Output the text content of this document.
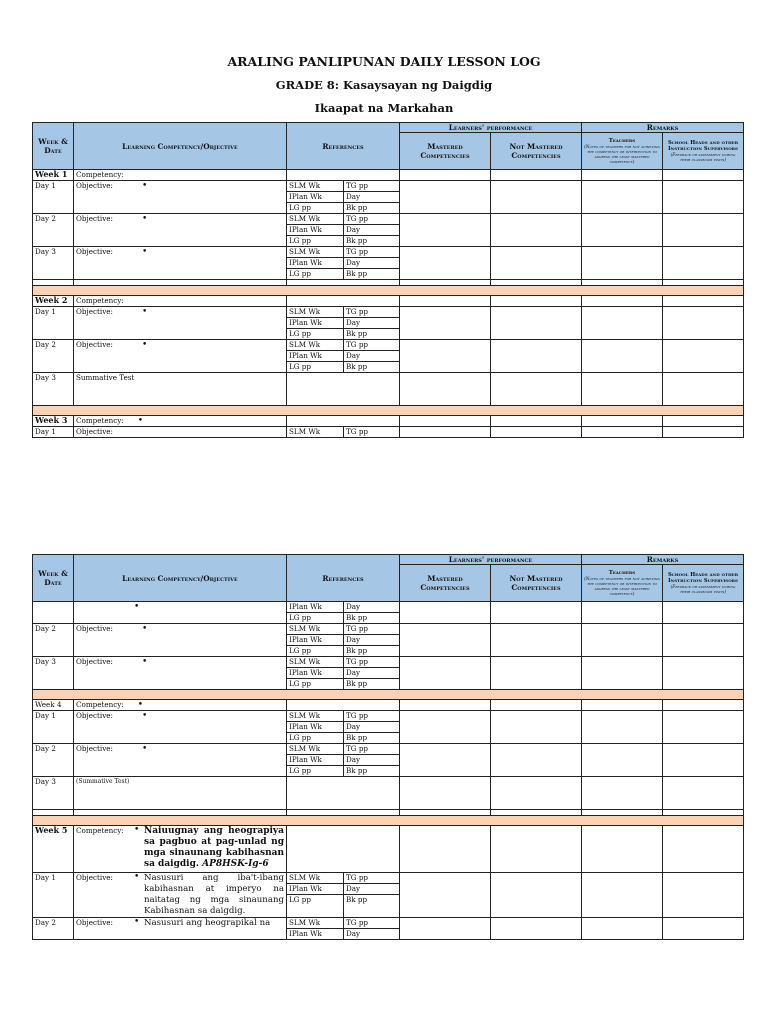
ARALING PANLIPUNAN DAILY LESSON LOG
GRADE 8: Kasaysayan ng Daigdig
Ikaapat na Markahan
Week & Date	Learning Competency/Objective	References		Learners' performance		Remarks	
				Mastered Competencies	Not Mastered Competencies	Teachers
(Notes of teachers for not achieving the competency or intervention to address the least mastered competency)	School Heads and other Instruction Supervisors
(Feedback or assessment during their classroom visits)
Week 1	Competency:						
Day 1	Objective: •	SLM Wk	TG pp				
		IPlan Wk	Day				
		LG pp	Bk pp				
Day 2	Objective: •	SLM Wk	TG pp				
		IPlan Wk	Day				
		LG pp	Bk pp				
Day 3	Objective: •	SLM Wk	TG pp				
		IPlan Wk	Day				
		LG pp	Bk pp				

Week 2	Competency:						
Day 1	Objective: •	SLM Wk	TG pp				
		IPlan Wk	Day				
		LG pp	Bk pp				
Day 2	Objective: •	SLM Wk	TG pp				
		IPlan Wk	Day				
		LG pp	Bk pp				
Day 3	Summative Test						

Week 3	Competency: •						
Day 1	Objective:	SLM Wk	TG pp				
Week & Date	Learning Competency/Objective	References		Learners' performance		Remarks	
				Mastered Competencies	Not Mastered Competencies	Teachers
(Notes of teachers for not achieving the competency or intervention to address the least mastered competency)	School Heads and other Instruction Supervisors
(Feedback or assessment during their classroom visits)
	•	IPlan Wk	Day				
		LG pp	Bk pp				
Day 2	Objective: •	SLM Wk	TG pp				
		IPlan Wk	Day				
		LG pp	Bk pp				
Day 3	Objective: •	SLM Wk	TG pp				
		IPlan Wk	Day				
		LG pp	Bk pp				

Week 4	Competency: •						
Day 1	Objective: •	SLM Wk	TG pp				
		IPlan Wk	Day				
		LG pp	Bk pp				
Day 2	Objective: •	SLM Wk	TG pp				
		IPlan Wk	Day				
		LG pp	Bk pp				
Day 3	(Summative Test)						

Week 5	Competency: • Naiuugnay ang heograpiya sa pagbuo at pag-unlad ng mga sinaunang kabihasnan sa daigdig. AP8HSK-Ig-6						

Day 1	Objective: • Nasusuri ang iba't-ibang kabihasnan at imperyo na naitatag ng mga sinaunang Kabihasnan sa daigdig.	SLM Wk	TG pp				
		IPlan Wk	Day				
		LG pp	Bk pp				
Day 2	Objective: • Nasusuri ang heograpikal na	SLM Wk	TG pp				
		IPlan Wk	Day				
